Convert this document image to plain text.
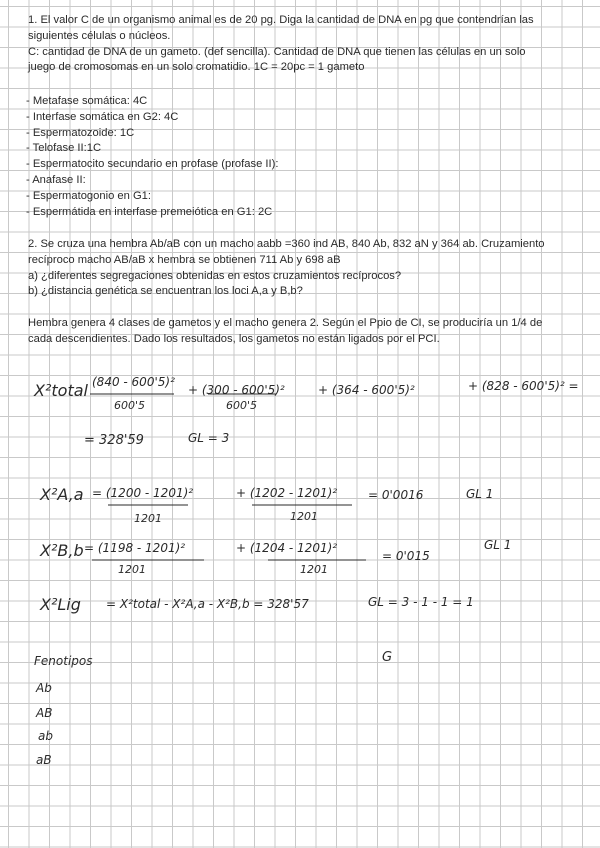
1. El valor C de un organismo animal es de 20 pg. Diga la cantidad de DNA en pg que contendrían las

siguientes células o núcleos.

C: cantidad de DNA de un gameto. (def sencilla). Cantidad de DNA que tienen las células en un solo

juego de cromosomas en un solo cromatidio. 1C = 20pc = 1 gameto

- Metafase somática: 4C

- Interfase somática en G2: 4C

- Espermatozoide: 1C

- Telofase II:1C

- Espermatocito secundario en profase (profase II):

- Anafase II:

- Espermatogonio en G1:

- Espermátida en interfase premeiótica en G1: 2C

2. Se cruza una hembra Ab/aB con un macho aabb =360 ind AB, 840 Ab, 832 aN y 364 ab. Cruzamiento

recíproco macho AB/aB x hembra se obtienen 711 Ab y 698 aB

a) ¿diferentes segregaciones obtenidas en estos cruzamientos recíprocos?

b) ¿distancia genética se encuentran los loci A,a y B,b?

Hembra genera 4 clases de gametos y el macho genera 2. Según el Ppio de CI, se produciría un 1/4 de

cada descendientes. Dado los resultados, los gametos no están ligados por el PCI.

X²total (840 - 600'5)²
600'5
+ (300 - 600'5)²
600'5
+ (364 - 600'5)²	+ (828 - 600'5)² =
= 328'59	GL = 3
X²A,a = (1200 - 1201)²
1201
+ (1202 - 1201)²
1201
= 0'0016	GL 1
X²B,b = (1198 - 1201)²
1201
+ (1204 - 1201)²
1201
= 0'015
GL 1
X²Lig = X²total - X²A,a - X²B,b = 328'57	GL = 3 - 1 - 1 = 1
Fenotipos	G
Ab
AB
ab
aB
